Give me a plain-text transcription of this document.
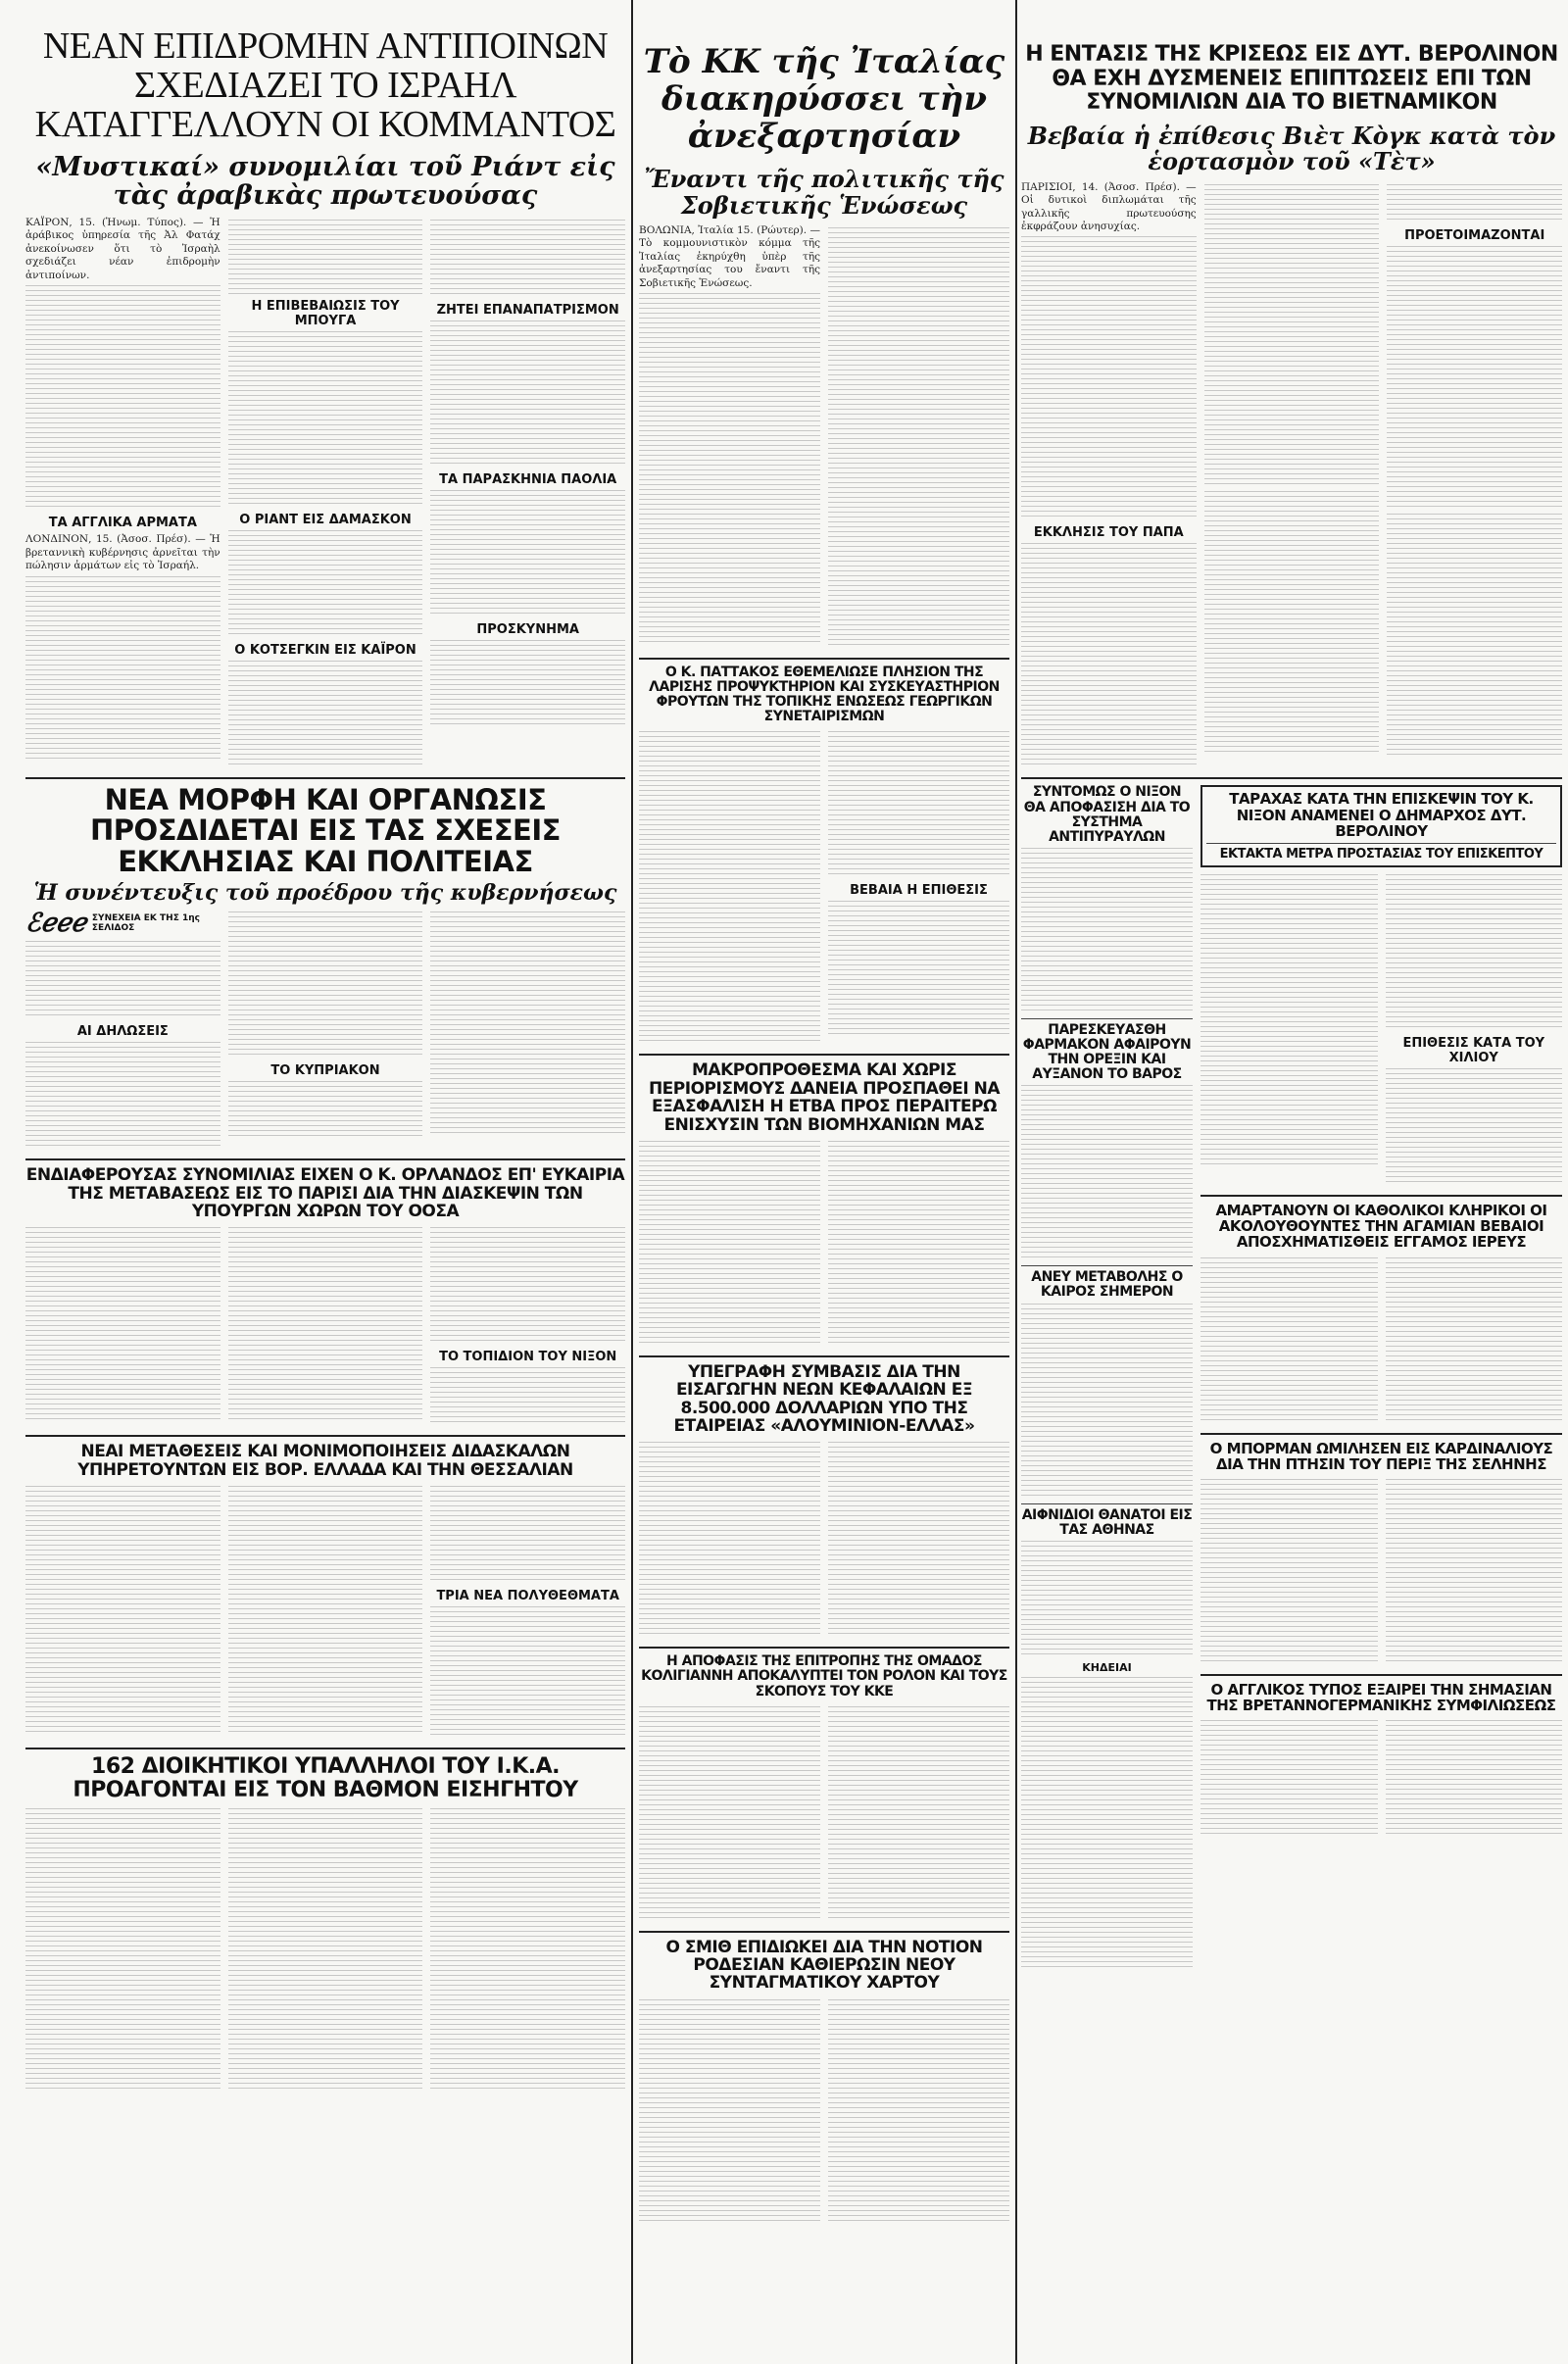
ΝΕΑΝ ΕΠΙΔΡΟΜΗΝ ΑΝΤΙΠΟΙΝΩΝ ΣΧΕΔΙΑΖΕΙ ΤΟ ΙΣΡΑΗΛ ΚΑΤΑΓΓΕΛΛΟΥΝ ΟΙ ΚΟΜΜΑΝΤΟΣ
«Μυστικαί» συνομιλίαι τοῦ Ριάντ εἰς τὰς ἀραβικὰς πρωτευούσας

ΚΑΪΡΟΝ, 15. (Ἡνωμ. Τύπος). — Ἡ ἀράβικος ὑπηρεσία τῆς Ἀλ Φατάχ ἀνεκοίνωσεν ὅτι τὸ Ἰσραὴλ σχεδιάζει νέαν ἐπιδρομὴν ἀντιποίνων.

ΤΑ ΑΓΓΛΙΚΑ ΑΡΜΑΤΑ

ΛΟΝΔΙΝΟΝ, 15. (Ἀσοσ. Πρέσ). — Ἡ βρεταννικὴ κυβέρνησις ἀρνεῖται τὴν πώλησιν ἀρμάτων εἰς τὸ Ἰσραήλ.

Η ΕΠΙΒΕΒΑΙΩΣΙΣ ΤΟΥ ΜΠΟΥΓΑ
Ο ΡΙΑΝΤ ΕΙΣ ΔΑΜΑΣΚΟΝ
Ο ΚΟΤΣΕΓΚΙΝ ΕΙΣ ΚΑΪΡΟΝ
ΖΗΤΕΙ ΕΠΑΝΑΠΑΤΡΙΣΜΟΝ
ΤΑ ΠΑΡΑΣΚΗΝΙΑ ΠΑΟΛΙΑ
ΠΡΟΣΚΥΝΗΜΑ
ΝΕΑ ΜΟΡΦΗ ΚΑΙ ΟΡΓΑΝΩΣΙΣ ΠΡΟΣΔΙΔΕΤΑΙ ΕΙΣ ΤΑΣ ΣΧΕΣΕΙΣ ΕΚΚΛΗΣΙΑΣ ΚΑΙ ΠΟΛΙΤΕΙΑΣ
Ἡ συνέντευξις τοῦ προέδρου τῆς κυβερνήσεως
ℰℯℯℯ ΣΥΝΕΧΕΙΑ ΕΚ ΤΗΣ 1ης ΣΕΛΙΔΟΣ
ΑΙ ΔΗΛΩΣΕΙΣ
ΤΟ ΚΥΠΡΙΑΚΟΝ
ΕΝΔΙΑΦΕΡΟΥΣΑΣ ΣΥΝΟΜΙΛΙΑΣ ΕΙΧΕΝ Ο Κ. ΟΡΛΑΝΔΟΣ ΕΠ' ΕΥΚΑΙΡΙΑ ΤΗΣ ΜΕΤΑΒΑΣΕΩΣ ΕΙΣ ΤΟ ΠΑΡΙΣΙ ΔΙΑ ΤΗΝ ΔΙΑΣΚΕΨΙΝ ΤΩΝ ΥΠΟΥΡΓΩΝ ΧΩΡΩΝ ΤΟΥ ΟΟΣΑ
ΤΟ ΤΟΠΙΔΙΟΝ ΤΟΥ ΝΙΞΟΝ
ΝΕΑΙ ΜΕΤΑΘΕΣΕΙΣ ΚΑΙ ΜΟΝΙΜΟΠΟΙΗΣΕΙΣ ΔΙΔΑΣΚΑΛΩΝ ΥΠΗΡΕΤΟΥΝΤΩΝ ΕΙΣ ΒΟΡ. ΕΛΛΑΔΑ ΚΑΙ ΤΗΝ ΘΕΣΣΑΛΙΑΝ
ΤΡΙΑ ΝΕΑ ΠΟΛΥΘΕΘΜΑΤΑ
162 ΔΙΟΙΚΗΤΙΚΟΙ ΥΠΑΛΛΗΛΟΙ ΤΟΥ Ι.Κ.Α. ΠΡΟΑΓΟΝΤΑΙ ΕΙΣ ΤΟΝ ΒΑΘΜΟΝ ΕΙΣΗΓΗΤΟΥ
Τὸ ΚΚ τῆς Ἰταλίας διακηρύσσει τὴν ἀνεξαρτησίαν
Ἔναντι τῆς πολιτικῆς τῆς Σοβιετικῆς Ἑνώσεως

ΒΟΛΩΝΙΑ, Ἰταλία 15. (Ρώυτερ). — Τὸ κομμουνιστικὸν κόμμα τῆς Ἰταλίας ἐκηρύχθη ὑπὲρ τῆς ἀνεξαρτησίας του ἔναντι τῆς Σοβιετικῆς Ἑνώσεως.

Ο Κ. ΠΑΤΤΑΚΟΣ ΕΘΕΜΕΛΙΩΣΕ ΠΛΗΣΙΟΝ ΤΗΣ ΛΑΡΙΣΗΣ ΠΡΟΨΥΚΤΗΡΙΟΝ ΚΑΙ ΣΥΣΚΕΥΑΣΤΗΡΙΟΝ ΦΡΟΥΤΩΝ ΤΗΣ ΤΟΠΙΚΗΣ ΕΝΩΣΕΩΣ ΓΕΩΡΓΙΚΩΝ ΣΥΝΕΤΑΙΡΙΣΜΩΝ
ΒΕΒΑΙΑ Η ΕΠΙΘΕΣΙΣ
ΜΑΚΡΟΠΡΟΘΕΣΜΑ ΚΑΙ ΧΩΡΙΣ ΠΕΡΙΟΡΙΣΜΟΥΣ ΔΑΝΕΙΑ ΠΡΟΣΠΑΘΕΙ ΝΑ ΕΞΑΣΦΑΛΙΣΗ Η ΕΤΒΑ ΠΡΟΣ ΠΕΡΑΙΤΕΡΩ ΕΝΙΣΧΥΣΙΝ ΤΩΝ ΒΙΟΜΗΧΑΝΙΩΝ ΜΑΣ
ΥΠΕΓΡΑΦΗ ΣΥΜΒΑΣΙΣ ΔΙΑ ΤΗΝ ΕΙΣΑΓΩΓΗΝ ΝΕΩΝ ΚΕΦΑΛΑΙΩΝ ΕΞ 8.500.000 ΔΟΛΛΑΡΙΩΝ ΥΠΟ ΤΗΣ ΕΤΑΙΡΕΙΑΣ «ΑΛΟΥΜΙΝΙΟΝ-ΕΛΛΑΣ»
Η ΑΠΟΦΑΣΙΣ ΤΗΣ ΕΠΙΤΡΟΠΗΣ ΤΗΣ ΟΜΑΔΟΣ ΚΟΛΙΓΙΑΝΝΗ ΑΠΟΚΑΛΥΠΤΕΙ ΤΟΝ ΡΟΛΟΝ ΚΑΙ ΤΟΥΣ ΣΚΟΠΟΥΣ ΤΟΥ ΚΚΕ
Ο ΣΜΙΘ ΕΠΙΔΙΩΚΕΙ ΔΙΑ ΤΗΝ ΝΟΤΙΟΝ ΡΟΔΕΣΙΑΝ ΚΑΘΙΕΡΩΣΙΝ ΝΕΟΥ ΣΥΝΤΑΓΜΑΤΙΚΟΥ ΧΑΡΤΟΥ
Η ΕΝΤΑΣΙΣ ΤΗΣ ΚΡΙΣΕΩΣ ΕΙΣ ΔΥΤ. ΒΕΡΟΛΙΝΟΝ ΘΑ ΕΧΗ ΔΥΣΜΕΝΕΙΣ ΕΠΙΠΤΩΣΕΙΣ ΕΠΙ ΤΩΝ ΣΥΝΟΜΙΛΙΩΝ ΔΙΑ ΤΟ ΒΙΕΤΝΑΜΙΚΟΝ
Βεβαία ἡ ἐπίθεσις Βιὲτ Κὸγκ κατὰ τὸν ἑορτασμὸν τοῦ «Τὲτ»

ΠΑΡΙΣΙΟΙ, 14. (Ἀσοσ. Πρέσ). — Οἱ δυτικοὶ διπλωμάται τῆς γαλλικῆς πρωτευούσης ἐκφράζουν ἀνησυχίας.

ΕΚΚΛΗΣΙΣ ΤΟΥ ΠΑΠΑ
ΠΡΟΕΤΟΙΜΑΖΟΝΤΑΙ
ΣΥΝΤΟΜΩΣ Ο ΝΙΞΟΝ ΘΑ ΑΠΟΦΑΣΙΣΗ ΔΙΑ ΤΟ ΣΥΣΤΗΜΑ ΑΝΤΙΠΥΡΑΥΛΩΝ
ΠΑΡΕΣΚΕΥΑΣΘΗ ΦΑΡΜΑΚΟΝ ΑΦΑΙΡΟΥΝ ΤΗΝ ΟΡΕΞΙΝ ΚΑΙ ΑΥΞΑΝΟΝ ΤΟ ΒΑΡΟΣ
ΑΝΕΥ ΜΕΤΑΒΟΛΗΣ Ο ΚΑΙΡΟΣ ΣΗΜΕΡΟΝ
ΑΙΦΝΙΔΙΟΙ ΘΑΝΑΤΟΙ ΕΙΣ ΤΑΣ ΑΘΗΝΑΣ
ΚΗΔΕΙΑΙ
ΤΑΡΑΧΑΣ ΚΑΤΑ ΤΗΝ ΕΠΙΣΚΕΨΙΝ ΤΟΥ Κ. ΝΙΞΟΝ ΑΝΑΜΕΝΕΙ Ο ΔΗΜΑΡΧΟΣ ΔΥΤ. ΒΕΡΟΛΙΝΟΥ
ΕΚΤΑΚΤΑ ΜΕΤΡΑ ΠΡΟΣΤΑΣΙΑΣ ΤΟΥ ΕΠΙΣΚΕΠΤΟΥ
ΕΠΙΘΕΣΙΣ ΚΑΤΑ ΤΟΥ ΧΙΛΙΟΥ
ΑΜΑΡΤΑΝΟΥΝ ΟΙ ΚΑΘΟΛΙΚΟΙ ΚΛΗΡΙΚΟΙ ΟΙ ΑΚΟΛΟΥΘΟΥΝΤΕΣ ΤΗΝ ΑΓΑΜΙΑΝ ΒΕΒΑΙΟΙ ΑΠΟΣΧΗΜΑΤΙΣΘΕΙΣ ΕΓΓΑΜΟΣ ΙΕΡΕΥΣ
Ο ΜΠΟΡΜΑΝ ΩΜΙΛΗΣΕΝ ΕΙΣ ΚΑΡΔΙΝΑΛΙΟΥΣ ΔΙΑ ΤΗΝ ΠΤΗΣΙΝ ΤΟΥ ΠΕΡΙΞ ΤΗΣ ΣΕΛΗΝΗΣ
Ο ΑΓΓΛΙΚΟΣ ΤΥΠΟΣ ΕΞΑΙΡΕΙ ΤΗΝ ΣΗΜΑΣΙΑΝ ΤΗΣ ΒΡΕΤΑΝΝΟΓΕΡΜΑΝΙΚΗΣ ΣΥΜΦΙΛΙΩΣΕΩΣ
